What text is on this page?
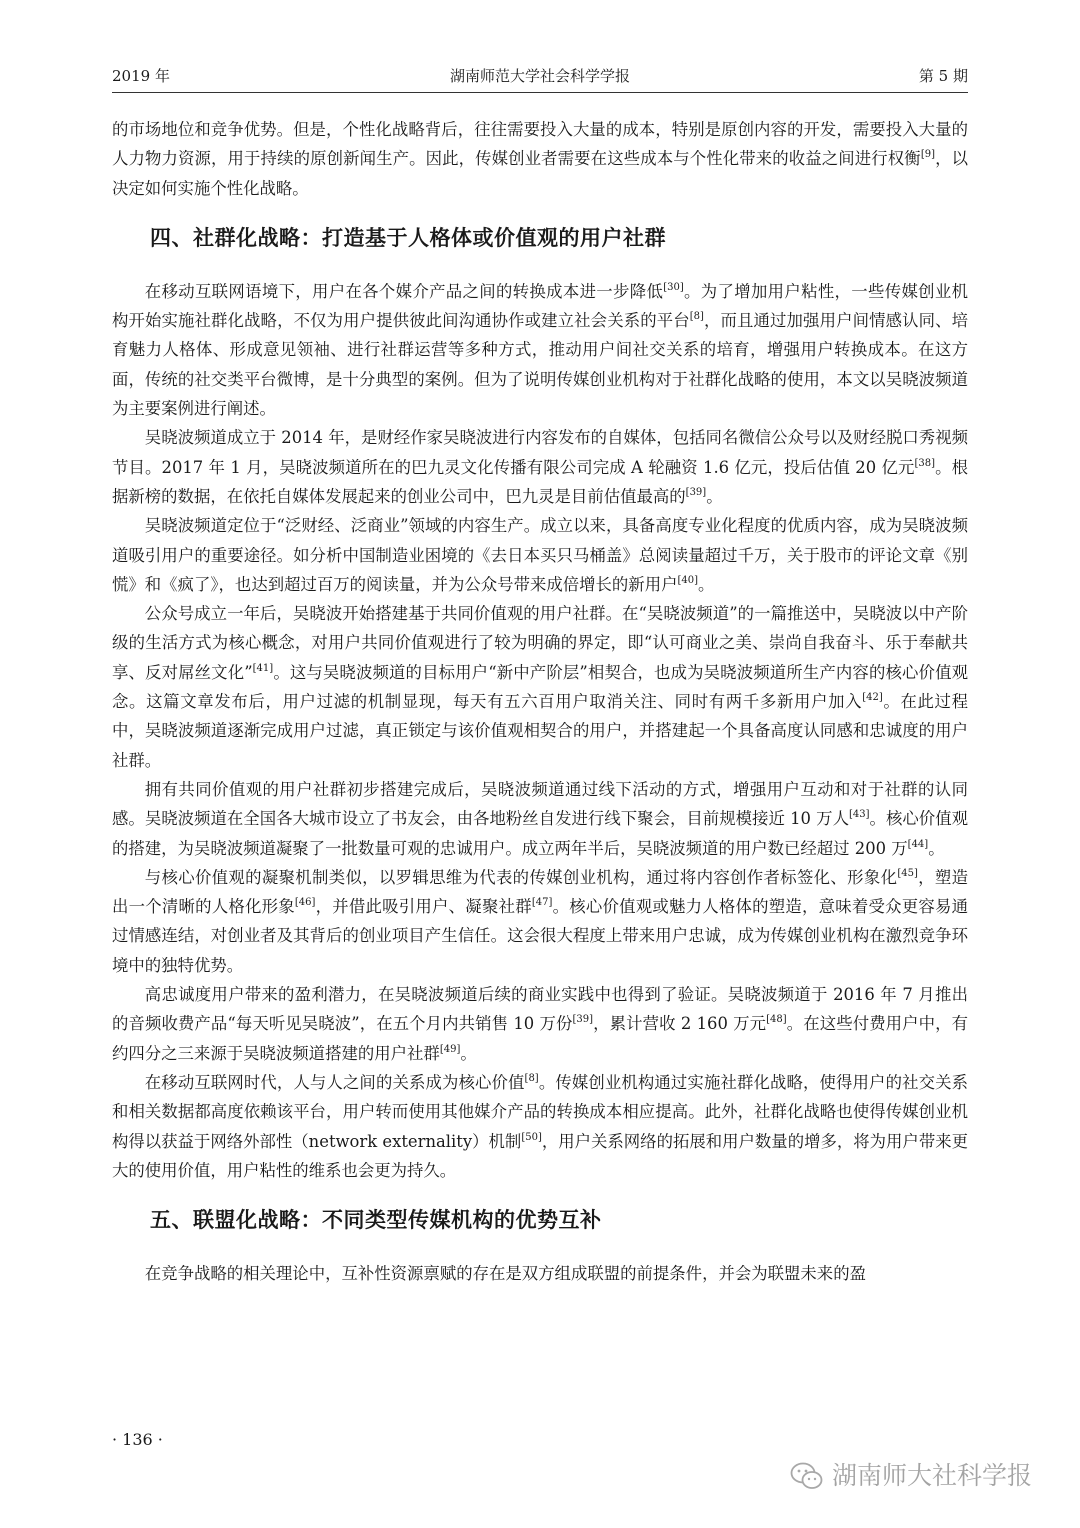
2019 年	湖南师范大学社会科学学报	第 5 期

的市场地位和竞争优势。但是，个性化战略背后，往往需要投入大量的成本，特别是原创内容的开发，需要投入大量的人力物力资源，用于持续的原创新闻生产。因此，传媒创业者需要在这些成本与个性化带来的收益之间进行权衡[9]，以决定如何实施个性化战略。

四、社群化战略：打造基于人格体或价值观的用户社群

在移动互联网语境下，用户在各个媒介产品之间的转换成本进一步降低[30]。为了增加用户粘性，一些传媒创业机构开始实施社群化战略，不仅为用户提供彼此间沟通协作或建立社会关系的平台[8]，而且通过加强用户间情感认同、培育魅力人格体、形成意见领袖、进行社群运营等多种方式，推动用户间社交关系的培育，增强用户转换成本。在这方面，传统的社交类平台微博，是十分典型的案例。但为了说明传媒创业机构对于社群化战略的使用，本文以吴晓波频道为主要案例进行阐述。

吴晓波频道成立于 2014 年，是财经作家吴晓波进行内容发布的自媒体，包括同名微信公众号以及财经脱口秀视频节目。2017 年 1 月，吴晓波频道所在的巴九灵文化传播有限公司完成 A 轮融资 1.6 亿元，投后估值 20 亿元[38]。根据新榜的数据，在依托自媒体发展起来的创业公司中，巴九灵是目前估值最高的[39]。

吴晓波频道定位于“泛财经、泛商业”领域的内容生产。成立以来，具备高度专业化程度的优质内容，成为吴晓波频道吸引用户的重要途径。如分析中国制造业困境的《去日本买只马桶盖》总阅读量超过千万，关于股市的评论文章《别慌》和《疯了》，也达到超过百万的阅读量，并为公众号带来成倍增长的新用户[40]。

公众号成立一年后，吴晓波开始搭建基于共同价值观的用户社群。在“吴晓波频道”的一篇推送中，吴晓波以中产阶级的生活方式为核心概念，对用户共同价值观进行了较为明确的界定，即“认可商业之美、崇尚自我奋斗、乐于奉献共享、反对屌丝文化”[41]。这与吴晓波频道的目标用户“新中产阶层”相契合，也成为吴晓波频道所生产内容的核心价值观念。这篇文章发布后，用户过滤的机制显现，每天有五六百用户取消关注、同时有两千多新用户加入[42]。在此过程中，吴晓波频道逐渐完成用户过滤，真正锁定与该价值观相契合的用户，并搭建起一个具备高度认同感和忠诚度的用户社群。

拥有共同价值观的用户社群初步搭建完成后，吴晓波频道通过线下活动的方式，增强用户互动和对于社群的认同感。吴晓波频道在全国各大城市设立了书友会，由各地粉丝自发进行线下聚会，目前规模接近 10 万人[43]。核心价值观的搭建，为吴晓波频道凝聚了一批数量可观的忠诚用户。成立两年半后，吴晓波频道的用户数已经超过 200 万[44]。

与核心价值观的凝聚机制类似，以罗辑思维为代表的传媒创业机构，通过将内容创作者标签化、形象化[45]，塑造出一个清晰的人格化形象[46]，并借此吸引用户、凝聚社群[47]。核心价值观或魅力人格体的塑造，意味着受众更容易通过情感连结，对创业者及其背后的创业项目产生信任。这会很大程度上带来用户忠诚，成为传媒创业机构在激烈竞争环境中的独特优势。

高忠诚度用户带来的盈利潜力，在吴晓波频道后续的商业实践中也得到了验证。吴晓波频道于 2016 年 7 月推出的音频收费产品“每天听见吴晓波”，在五个月内共销售 10 万份[39]，累计营收 2 160 万元[48]。在这些付费用户中，有约四分之三来源于吴晓波频道搭建的用户社群[49]。

在移动互联网时代，人与人之间的关系成为核心价值[8]。传媒创业机构通过实施社群化战略，使得用户的社交关系和相关数据都高度依赖该平台，用户转而使用其他媒介产品的转换成本相应提高。此外，社群化战略也使得传媒创业机构得以获益于网络外部性（network externality）机制[50]，用户关系网络的拓展和用户数量的增多，将为用户带来更大的使用价值，用户粘性的维系也会更为持久。

五、联盟化战略：不同类型传媒机构的优势互补

在竞争战略的相关理论中，互补性资源禀赋的存在是双方组成联盟的前提条件，并会为联盟未来的盈

· 136 ·
湖南师大社科学报
